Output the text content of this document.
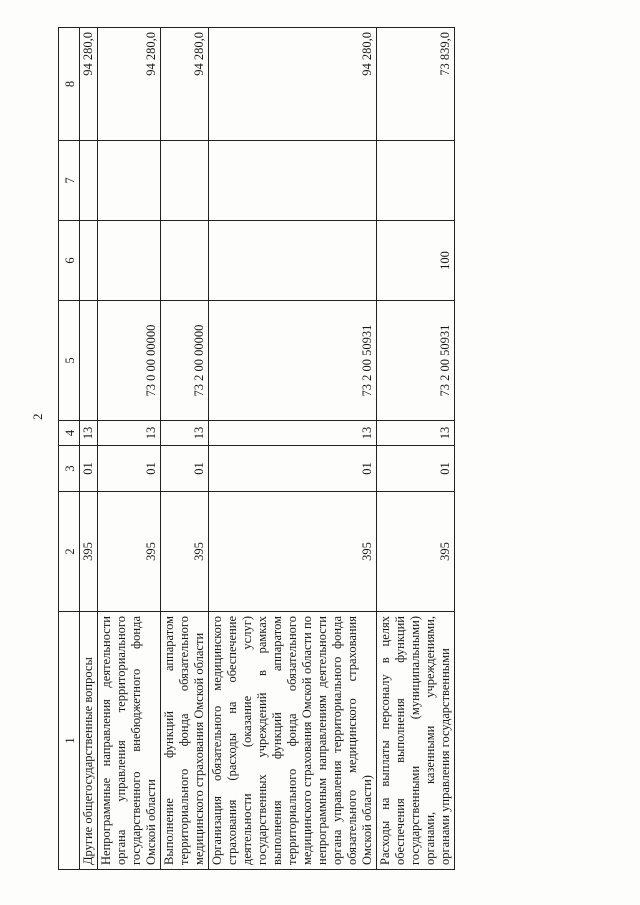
2
1	2	3	4	5	6	7	8
Другие общегосударственные вопросы	395	01	13				94 280,0
Непрограммные направления деятельности органа управления территориального государственного внебюджетного фонда Омской области	395	01	13	73 0 00 00000			94 280,0
Выполнение функций аппаратом территориального фонда обязательного медицинского страхования Омской области	395	01	13	73 2 00 00000			94 280,0
Организация обязательного медицинского страхования (расходы на обеспечение деятельности (оказание услуг) государственных учреждений в рамках выполнения функций аппаратом территориального фонда обязательного медицинского страхования Омской области по непрограммным направлениям деятельности органа управления территориального фонда обязательного медицинского страхования Омской области)	395	01	13	73 2 00 50931			94 280,0
Расходы на выплаты персоналу в целях обеспечения выполнения функций государственными (муниципальными) органами, казенными учреждениями, органами управления государственными	395	01	13	73 2 00 50931	100		73 839,0
